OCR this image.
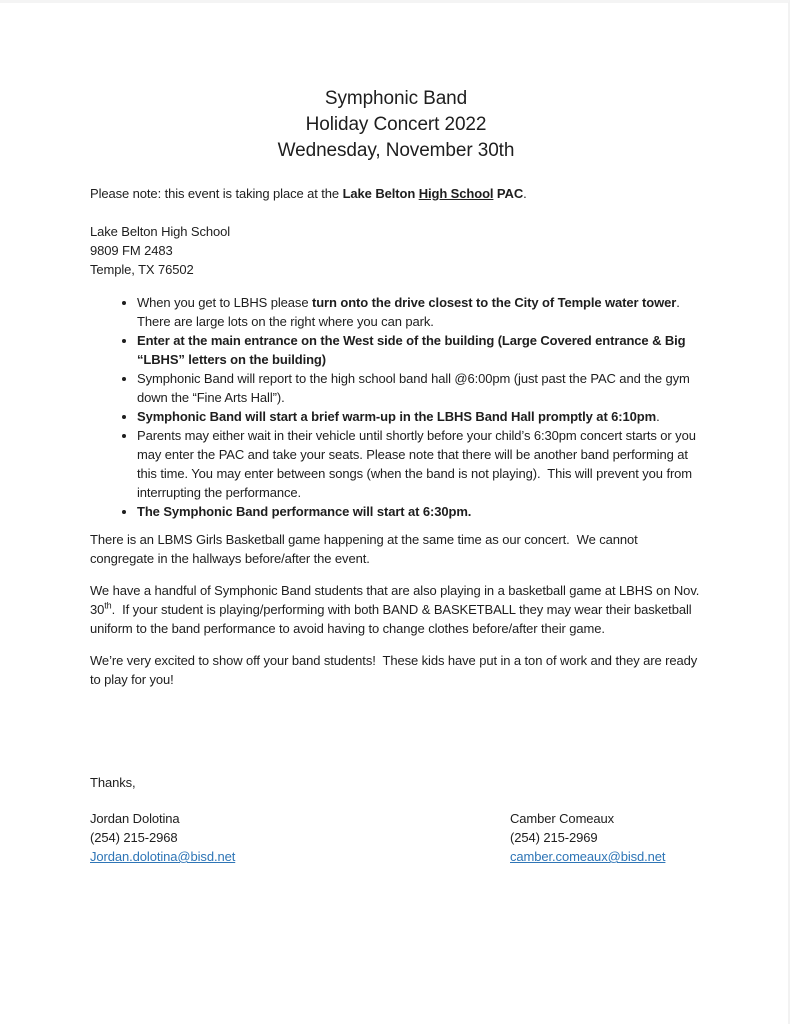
Symphonic Band
Holiday Concert 2022
Wednesday, November 30th

Please note: this event is taking place at the Lake Belton High School PAC.

Lake Belton High School
9809 FM 2483
Temple, TX 76502
• When you get to LBHS please turn onto the drive closest to the City of Temple water tower. There are large lots on the right where you can park.
• Enter at the main entrance on the West side of the building (Large Covered entrance & Big “LBHS” letters on the building)
• Symphonic Band will report to the high school band hall @6:00pm (just past the PAC and the gym down the “Fine Arts Hall”).
• Symphonic Band will start a brief warm-up in the LBHS Band Hall promptly at 6:10pm.
• Parents may either wait in their vehicle until shortly before your child’s 6:30pm concert starts or you may enter the PAC and take your seats. Please note that there will be another band performing at this time. You may enter between songs (when the band is not playing).  This will prevent you from interrupting the performance.
• The Symphonic Band performance will start at 6:30pm.

There is an LBMS Girls Basketball game happening at the same time as our concert.  We cannot congregate in the hallways before/after the event.

We have a handful of Symphonic Band students that are also playing in a basketball game at LBHS on Nov. 30th.  If your student is playing/performing with both BAND & BASKETBALL they may wear their basketball uniform to the band performance to avoid having to change clothes before/after their game.

We’re very excited to show off your band students!  These kids have put in a ton of work and they are ready to play for you!

Thanks,

Jordan Dolotina
(254) 215-2968
Jordan.dolotina@bisd.net
Camber Comeaux
(254) 215-2969
camber.comeaux@bisd.net
